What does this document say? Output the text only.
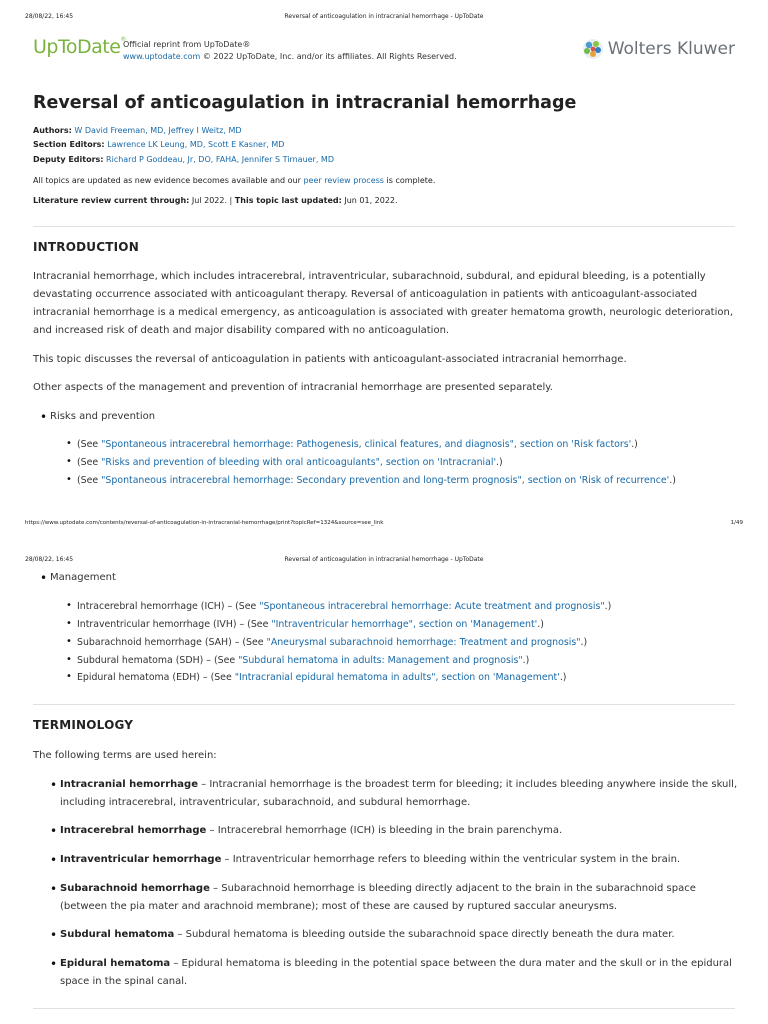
28/08/22, 16:45	Reversal of anticoagulation in intracranial hemorrhage - UpToDate
UpToDate®
Official reprint from UpToDate®
www.uptodate.com © 2022 UpToDate, Inc. and/or its affiliates. All Rights Reserved.	Wolters Kluwer
Reversal of anticoagulation in intracranial hemorrhage
Authors: W David Freeman, MD, Jeffrey I Weitz, MD
Section Editors: Lawrence LK Leung, MD, Scott E Kasner, MD
Deputy Editors: Richard P Goddeau, Jr, DO, FAHA, Jennifer S Tirnauer, MD
All topics are updated as new evidence becomes available and our peer review process is complete.
Literature review current through: Jul 2022. | This topic last updated: Jun 01, 2022.
INTRODUCTION
Intracranial hemorrhage, which includes intracerebral, intraventricular, subarachnoid, subdural, and epidural bleeding, is a potentially devastating occurrence associated with anticoagulant therapy. Reversal of anticoagulation in patients with anticoagulant-associated intracranial hemorrhage is a medical emergency, as anticoagulation is associated with greater hematoma growth, neurologic deterioration, and increased risk of death and major disability compared with no anticoagulation.
This topic discusses the reversal of anticoagulation in patients with anticoagulant-associated intracranial hemorrhage.
Other aspects of the management and prevention of intracranial hemorrhage are presented separately.
• Risks and prevention
• (See "Spontaneous intracerebral hemorrhage: Pathogenesis, clinical features, and diagnosis", section on 'Risk factors'.)
• (See "Risks and prevention of bleeding with oral anticoagulants", section on 'Intracranial'.)
• (See "Spontaneous intracerebral hemorrhage: Secondary prevention and long-term prognosis", section on 'Risk of recurrence'.)
https://www.uptodate.com/contents/reversal-of-anticoagulation-in-intracranial-hemorrhage/print?topicRef=1324&source=see_link	1/49
28/08/22, 16:45	Reversal of anticoagulation in intracranial hemorrhage - UpToDate
• Management
• Intracerebral hemorrhage (ICH) – (See "Spontaneous intracerebral hemorrhage: Acute treatment and prognosis".)
• Intraventricular hemorrhage (IVH) – (See "Intraventricular hemorrhage", section on 'Management'.)
• Subarachnoid hemorrhage (SAH) – (See "Aneurysmal subarachnoid hemorrhage: Treatment and prognosis".)
• Subdural hematoma (SDH) – (See "Subdural hematoma in adults: Management and prognosis".)
• Epidural hematoma (EDH) – (See "Intracranial epidural hematoma in adults", section on 'Management'.)
TERMINOLOGY
The following terms are used herein:
• Intracranial hemorrhage – Intracranial hemorrhage is the broadest term for bleeding; it includes bleeding anywhere inside the skull, including intracerebral, intraventricular, subarachnoid, and subdural hemorrhage.
• Intracerebral hemorrhage – Intracerebral hemorrhage (ICH) is bleeding in the brain parenchyma.
• Intraventricular hemorrhage – Intraventricular hemorrhage refers to bleeding within the ventricular system in the brain.
• Subarachnoid hemorrhage – Subarachnoid hemorrhage is bleeding directly adjacent to the brain in the subarachnoid space (between the pia mater and arachnoid membrane); most of these are caused by ruptured saccular aneurysms.
• Subdural hematoma – Subdural hematoma is bleeding outside the subarachnoid space directly beneath the dura mater.
• Epidural hematoma – Epidural hematoma is bleeding in the potential space between the dura mater and the skull or in the epidural space in the spinal canal.
